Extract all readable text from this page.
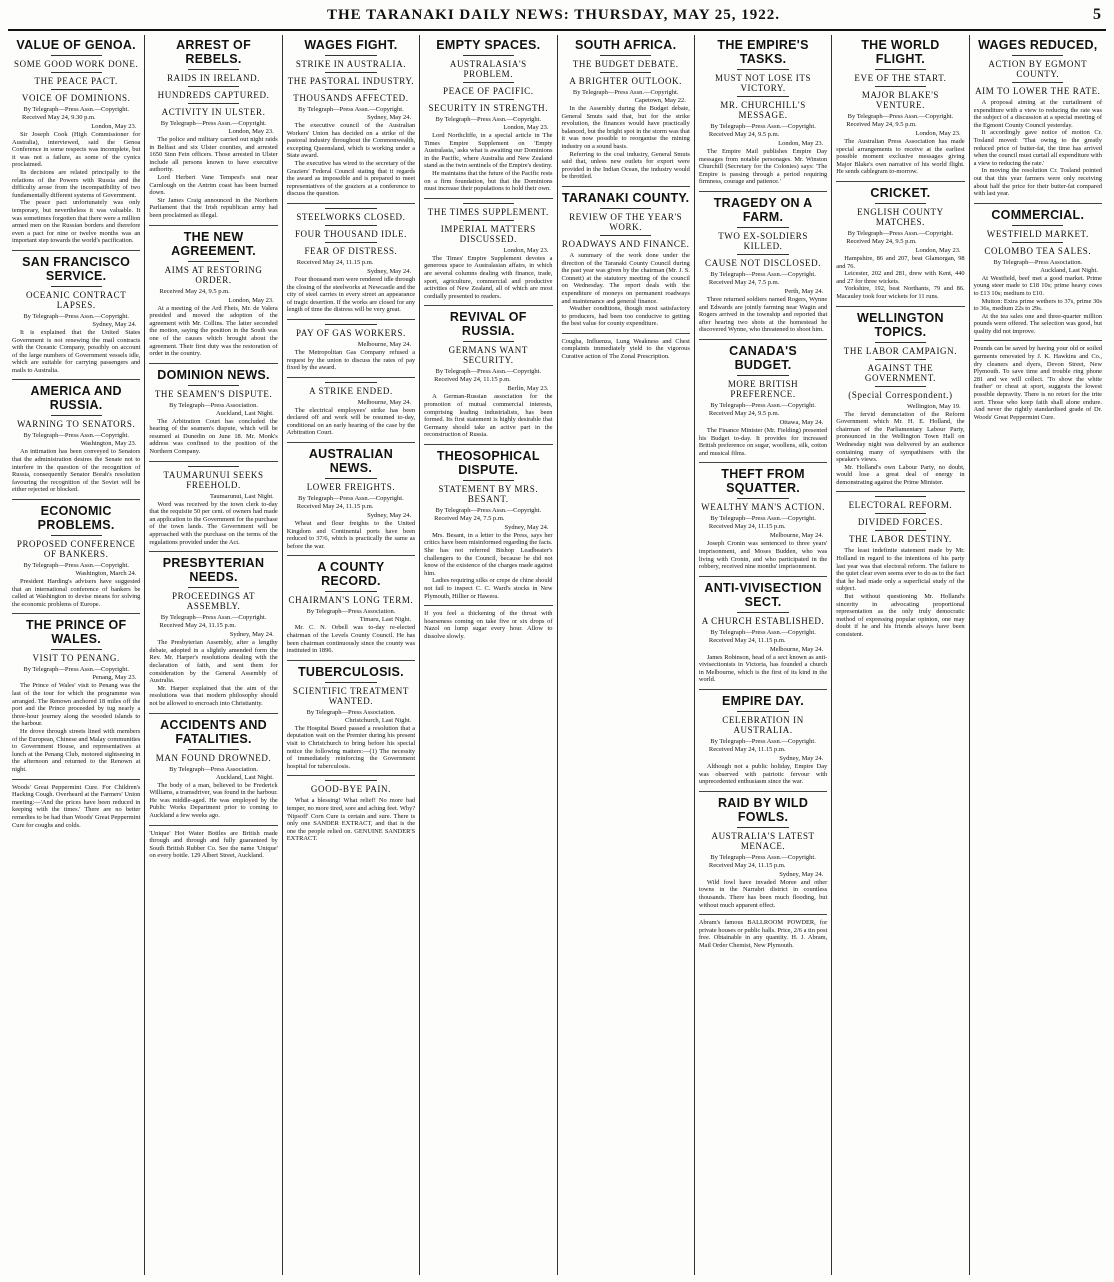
THE TARANAKI DAILY NEWS: THURSDAY, MAY 25, 1922.	5
VALUE OF GENOA.
SOME GOOD WORK DONE.
THE PEACE PACT.
VOICE OF DOMINIONS.
By Telegraph—Press Assn.—Copyright.
Received May 24, 9.30 p.m.
London, May 23.

Sir Joseph Cook (High Commissioner for Australia), interviewed, said the Genoa Conference in some respects was incomplete, but it was not a failure, as some of the cynics proclaimed.

Its decisions are related principally to the relations of the Powers with Russia and the difficulty arose from the incompatibility of two fundamentally different systems of Government.

The peace pact unfortunately was only temporary, but nevertheless it was valuable. It was sometimes forgotten that there were a million armed men on the Russian borders and therefore even a pact for nine or twelve months was an important step towards the world's pacification.

SAN FRANCISCO SERVICE.
OCEANIC CONTRACT LAPSES.
By Telegraph—Press Assn.—Copyright.
Sydney, May 24.

It is explained that the United States Government is not renewing the mail contracts with the Oceanic Company, possibly on account of the large numbers of Government vessels idle, which are suitable for carrying passengers and mails to Australia.

AMERICA AND RUSSIA.
WARNING TO SENATORS.
By Telegraph—Press Assn.—Copyright.
Washington, May 23.

An intimation has been conveyed to Senators that the administration desires the Senate not to interfere in the question of the recognition of Russia, consequently Senator Borah's resolution favouring the recognition of the Soviet will be either rejected or blocked.

ECONOMIC PROBLEMS.
PROPOSED CONFERENCE OF BANKERS.
By Telegraph—Press Assn.—Copyright.
Washington, March 24.

President Harding's advisers have suggested that an international conference of bankers be called at Washington to devise means for solving the economic problems of Europe.

THE PRINCE OF WALES.
VISIT TO PENANG.
By Telegraph—Press Assn.—Copyright.
Penang, May 23.

The Prince of Wales' visit to Penang was the last of the tour for which the programme was arranged. The Renown anchored 18 miles off the port and the Prince proceeded by tug nearly a three-hour journey along the wooded islands to the harbour.

He drove through streets lined with members of the European, Chinese and Malay communities to Government House, and representatives at lunch at the Penang Club, motored sightseeing in the afternoon and returned to the Renown at night.

Woods' Great Peppermint Cure. For Children's Hacking Cough. Overheard at the Farmers' Union meeting:—'And the prices have been reduced in keeping with the times.' There are no better remedies to be had than Woods' Great Peppermint Cure for coughs and colds.
ARREST OF REBELS.
RAIDS IN IRELAND.
HUNDREDS CAPTURED.
ACTIVITY IN ULSTER.
By Telegraph—Press Assn.—Copyright.
London, May 23.

The police and military carried out night raids in Belfast and six Ulster counties, and arrested 1650 Sinn Fein officers. Those arrested in Ulster include all persons known to have executive authority.

Lord Herbert Vane Tempest's seat near Carnlough on the Antrim coast has been burned down.

Sir James Craig announced in the Northern Parliament that the Irish republican army had been proclaimed as illegal.

THE NEW AGREEMENT.
AIMS AT RESTORING ORDER.
Received May 24, 9.5 p.m.
London, May 23.

At a meeting of the Ard Fheis, Mr. de Valera presided and moved the adoption of the agreement with Mr. Collins. The latter seconded the motion, saying the position in the South was one of the causes which brought about the agreement. Their first duty was the restoration of order in the country.

DOMINION NEWS.
THE SEAMEN'S DISPUTE.
By Telegraph—Press Association.
Auckland, Last Night.

The Arbitration Court has concluded the hearing of the seamen's dispute, which will be resumed at Dunedin on June 18. Mr. Monk's address was confined to the position of the Northern Company.

TAUMARUNUI SEEKS FREEHOLD.
Taumarunui, Last Night.

Word was received by the town clerk to-day that the requisite 50 per cent. of owners had made an application to the Government for the purchase of the town lands. The Government will be approached with the purchase on the terms of the regulations provided under the Act.

PRESBYTERIAN NEEDS.
PROCEEDINGS AT ASSEMBLY.
By Telegraph—Press Assn.—Copyright.
Received May 24, 11.15 p.m.
Sydney, May 24.

The Presbyterian Assembly, after a lengthy debate, adopted in a slightly amended form the Rev. Mr. Harper's resolutions dealing with the declaration of faith, and sent them for consideration by the General Assembly of Australia.

Mr. Harper explained that the aim of the resolutions was that modern philosophy should not be allowed to encroach into Christianity.

ACCIDENTS AND FATALITIES.
MAN FOUND DROWNED.
By Telegraph—Press Association.
Auckland, Last Night.

The body of a man, believed to be Frederick Williams, a tramsdriver, was found in the harbour. He was middle-aged. He was employed by the Public Works Department prior to coming to Auckland a few weeks ago.

'Unique' Hot Water Bottles are British made through and through and fully guaranteed by South British Rubber Co. See the name 'Unique' on every bottle. 129 Albert Street, Auckland.
WAGES FIGHT.
STRIKE IN AUSTRALIA.
THE PASTORAL INDUSTRY.
THOUSANDS AFFECTED.
By Telegraph—Press Assn.—Copyright.
Sydney, May 24.

The executive council of the Australian Workers' Union has decided on a strike of the pastoral industry throughout the Commonwealth, excepting Queensland, which is working under a State award.

The executive has wired to the secretary of the Graziers' Federal Council stating that it regards the award as impossible and is prepared to meet representatives of the graziers at a conference to discuss the question.

STEELWORKS CLOSED.
FOUR THOUSAND IDLE.
FEAR OF DISTRESS.
Received May 24, 11.15 p.m.
Sydney, May 24.

Four thousand men were rendered idle through the closing of the steelworks at Newcastle and the city of steel carries in every street an appearance of tragic desertion. If the works are closed for any length of time the distress will be very great.

PAY OF GAS WORKERS.
Melbourne, May 24.

The Metropolitan Gas Company refused a request by the union to discuss the rates of pay fixed by the award.

A STRIKE ENDED.
Melbourne, May 24.

The electrical employees' strike has been declared off and work will be resumed to-day, conditional on an early hearing of the case by the Arbitration Court.

AUSTRALIAN NEWS.
LOWER FREIGHTS.
By Telegraph—Press Assn.—Copyright.
Received May 24, 11.15 p.m.
Sydney, May 24.

Wheat and flour freights to the United Kingdom and Continental ports have been reduced to 37/6, which is practically the same as before the war.

A COUNTY RECORD.
CHAIRMAN'S LONG TERM.
By Telegraph—Press Association.
Timaru, Last Night.

Mr. C. N. Orbell was to-day re-elected chairman of the Levels County Council. He has been chairman continuously since the county was instituted in 1896.

TUBERCULOSIS.
SCIENTIFIC TREATMENT WANTED.
By Telegraph—Press Association.
Christchurch, Last Night.

The Hospital Board passed a resolution that a deputation wait on the Premier during his present visit to Christchurch to bring before his special notice the following matters:—(1) The necessity of immediately reinforcing the Government hospital for tuberculosis.

GOOD-BYE PAIN.

What a blessing! What relief! No more bad temper, no more tired, sore and aching feet. Why? 'Nipsoff' Corn Cure is certain and sure. There is only one SANDER EXTRACT, and that is the one the people relied on. GENUINE SANDER'S EXTRACT.

EMPTY SPACES.
AUSTRALASIA'S PROBLEM.
PEACE OF PACIFIC.
SECURITY IN STRENGTH.
By Telegraph—Press Assn.—Copyright.
London, May 23.

Lord Northcliffe, in a special article in The Times Empire Supplement on 'Empty Australasia,' asks what is awaiting our Dominions in the Pacific, where Australia and New Zealand stand as the twin sentinels of the Empire's destiny.

He maintains that the future of the Pacific rests on a firm foundation, but that the Dominions must increase their populations to hold their own.

THE TIMES SUPPLEMENT.
IMPERIAL MATTERS DISCUSSED.
London, May 23.

The Times' Empire Supplement devotes a generous space to Australasian affairs, in which are several columns dealing with finance, trade, sport, agriculture, commercial and productive activities of New Zealand, all of which are most cordially presented to readers.

REVIVAL OF RUSSIA.
GERMANS WANT SECURITY.
By Telegraph—Press Assn.—Copyright.
Received May 24, 11.15 p.m.
Berlin, May 23.

A German-Russian association for the promotion of mutual commercial interests, comprising leading industrialists, has been formed. Its first statement is highly desirable that Germany should take an active part in the reconstruction of Russia.

THEOSOPHICAL DISPUTE.
STATEMENT BY MRS. BESANT.
By Telegraph—Press Assn.—Copyright.
Received May 24, 7.5 p.m.
Sydney, May 24.

Mrs. Besant, in a letter to the Press, says her critics have been misinformed regarding the facts. She has not referred Bishop Leadbeater's challengers to the Council, because he did not know of the existence of the charges made against him.

Ladies requiring silks or crepe de chine should not fail to inspect C. C. Ward's stocks in New Plymouth, Hillier or Hawera.

If you feel a thickening of the throat with hoarseness coming on take five or six drops of Nazol on lump sugar every hour. Allow to dissolve slowly.
SOUTH AFRICA.
THE BUDGET DEBATE.
A BRIGHTER OUTLOOK.
By Telegraph—Press Assn.—Copyright.
Capetown, May 22.

In the Assembly during the Budget debate, General Smuts said that, but for the strike revolution, the finances would have practically balanced, but the bright spot in the storm was that it was now possible to reorganise the mining industry on a sound basis.

Referring to the coal industry, General Smuts said that, unless new outlets for export were provided in the Indian Ocean, the industry would be throttled.

TARANAKI COUNTY.
REVIEW OF THE YEAR'S WORK.
ROADWAYS AND FINANCE.

A summary of the work done under the direction of the Taranaki County Council during the past year was given by the chairman (Mr. J. S. Connett) at the statutory meeting of the council on Wednesday. The report deals with the expenditure of moneys on permanent roadways and maintenance and general finance.

Weather conditions, though most satisfactory to producers, had been too conducive to getting the best value for county expenditure.

Cougha, Influenza, Lung Weakness and Chest complaints immediately yield to the vigorous Curative action of The Zonal Prescription.
THE EMPIRE'S TASKS.
MUST NOT LOSE ITS VICTORY.
MR. CHURCHILL'S MESSAGE.
By Telegraph—Press Assn.—Copyright.
Received May 24, 9.5 p.m.
London, May 23.

The Empire Mail publishes Empire Day messages from notable personages. Mr. Winston Churchill (Secretary for the Colonies) says: 'The Empire is passing through a period requiring firmness, courage and patience.'

TRAGEDY ON A FARM.
TWO EX-SOLDIERS KILLED.
CAUSE NOT DISCLOSED.
By Telegraph—Press Assn.—Copyright.
Received May 24, 7.5 p.m.
Perth, May 24.

Three returned soldiers named Rogers, Wynne and Edwards are jointly farming near Wagin and Rogers arrived in the township and reported that after hearing two shots at the homestead he discovered Wynne, who threatened to shoot him.

CANADA'S BUDGET.
MORE BRITISH PREFERENCE.
By Telegraph—Press Assn.—Copyright.
Received May 24, 9.5 p.m.
Ottawa, May 24.

The Finance Minister (Mr. Fielding) presented his Budget to-day. It provides for increased British preference on sugar, woollens, silk, cotton and musical films.

THEFT FROM SQUATTER.
WEALTHY MAN'S ACTION.
By Telegraph—Press Assn.—Copyright.
Received May 24, 11.15 p.m.
Melbourne, May 24.

Joseph Cronin was sentenced to three years' imprisonment, and Moses Budden, who was living with Cronin, and who participated in the robbery, received nine months' imprisonment.

ANTI-VIVISECTION SECT.
A CHURCH ESTABLISHED.
By Telegraph—Press Assn.—Copyright.
Received May 24, 11.15 p.m.
Melbourne, May 24.

James Robinson, head of a sect known as anti-vivisectionists in Victoria, has founded a church in Melbourne, which is the first of its kind in the world.

EMPIRE DAY.
CELEBRATION IN AUSTRALIA.
By Telegraph—Press Assn.—Copyright.
Received May 24, 11.15 p.m.
Sydney, May 24.

Although not a public holiday, Empire Day was observed with patriotic fervour with unprecedented enthusiasm since the war.

RAID BY WILD FOWLS.
AUSTRALIA'S LATEST MENACE.
By Telegraph—Press Assn.—Copyright.
Received May 24, 11.15 p.m.
Sydney, May 24.

Wild fowl have invaded Moree and other towns in the Narrabri district in countless thousands. There has been much flooding, but without much apparent effect.

Abram's famous BALLROOM POWDER, for private houses or public halls. Price, 2/6 a tin post free. Obtainable in any quantity. H. J. Abram, Mail Order Chemist, New Plymouth.
THE WORLD FLIGHT.
EVE OF THE START.
MAJOR BLAKE'S VENTURE.
By Telegraph—Press Assn.—Copyright.
Received May 24, 9.5 p.m.
London, May 23.

The Australian Press Association has made special arrangements to receive at the earliest possible moment exclusive messages giving Major Blake's own narrative of his world flight. He sends cablegram to-morrow.

CRICKET.
ENGLISH COUNTY MATCHES.
By Telegraph—Press Assn.—Copyright.
Received May 24, 9.5 p.m.
London, May 23.

Hampshire, 86 and 207, beat Glamorgan, 98 and 76.

Leicester, 202 and 281, drew with Kent, 440 and 27 for three wickets.

Yorkshire, 192, beat Northants, 79 and 86. Macauley took four wickets for 11 runs.

WELLINGTON TOPICS.
THE LABOR CAMPAIGN.
AGAINST THE GOVERNMENT.
(Special Correspondent.)
Wellington, May 19.

The fervid denunciation of the Reform Government which Mr. H. E. Holland, the chairman of the Parliamentary Labour Party, pronounced in the Wellington Town Hall on Wednesday night was delivered by an audience containing many of sympathisers with the speaker's views.

Mr. Holland's own Labour Party, no doubt, would lose a great deal of energy in demonstrating against the Prime Minister.

ELECTORAL REFORM.
DIVIDED FORCES.
THE LABOR DESTINY.

The least indefinite statement made by Mr. Holland in regard to the intentions of his party last year was that electoral reform. The failure to the quiet clear even seems ever to do as to the fact that he had made only a superficial study of the subject.

But without questioning Mr. Holland's sincerity in advocating proportional representation as the only truly democratic method of expressing popular opinion, one may doubt if he and his friends always have been consistent.

WAGES REDUCED,
ACTION BY EGMONT COUNTY.
AIM TO LOWER THE RATE.

A proposal aiming at the curtailment of expenditure with a view to reducing the rate was the subject of a discussion at a special meeting of the Egmont County Council yesterday.

It accordingly gave notice of motion Cr. Tosland moved: 'That owing to the greatly reduced price of butter-fat, the time has arrived when the council must curtail all expenditure with a view to reducing the rate.'

In moving the resolution Cr. Tosland pointed out that this year farmers were only receiving about half the price for their butter-fat compared with last year.

COMMERCIAL.
WESTFIELD MARKET.
COLOMBO TEA SALES.
By Telegraph—Press Association.
Auckland, Last Night.

At Westfield, beef met a good market. Prime young steer made to £18 10s; prime heavy cows to £13 10s; medium to £10.

Mutton: Extra prime wethers to 37s, prime 30s to 36s, medium 22s to 29s.

At the tea sales one and three-quarter million pounds were offered. The selection was good, but quality did not improve.

Pounds can be saved by having your old or soiled garments renovated by J. K. Hawkins and Co., dry cleaners and dyers, Devon Street, New Plymouth. To save time and trouble ring phone 281 and we will collect. 'To show the white feather' or cheat at sport, suggests the lowest possible depravity. There is no retort for the trite sort. Those who keep faith shall alone endure. And never the rightly standardised grade of Dr. Woods' Great Peppermint Cure.
